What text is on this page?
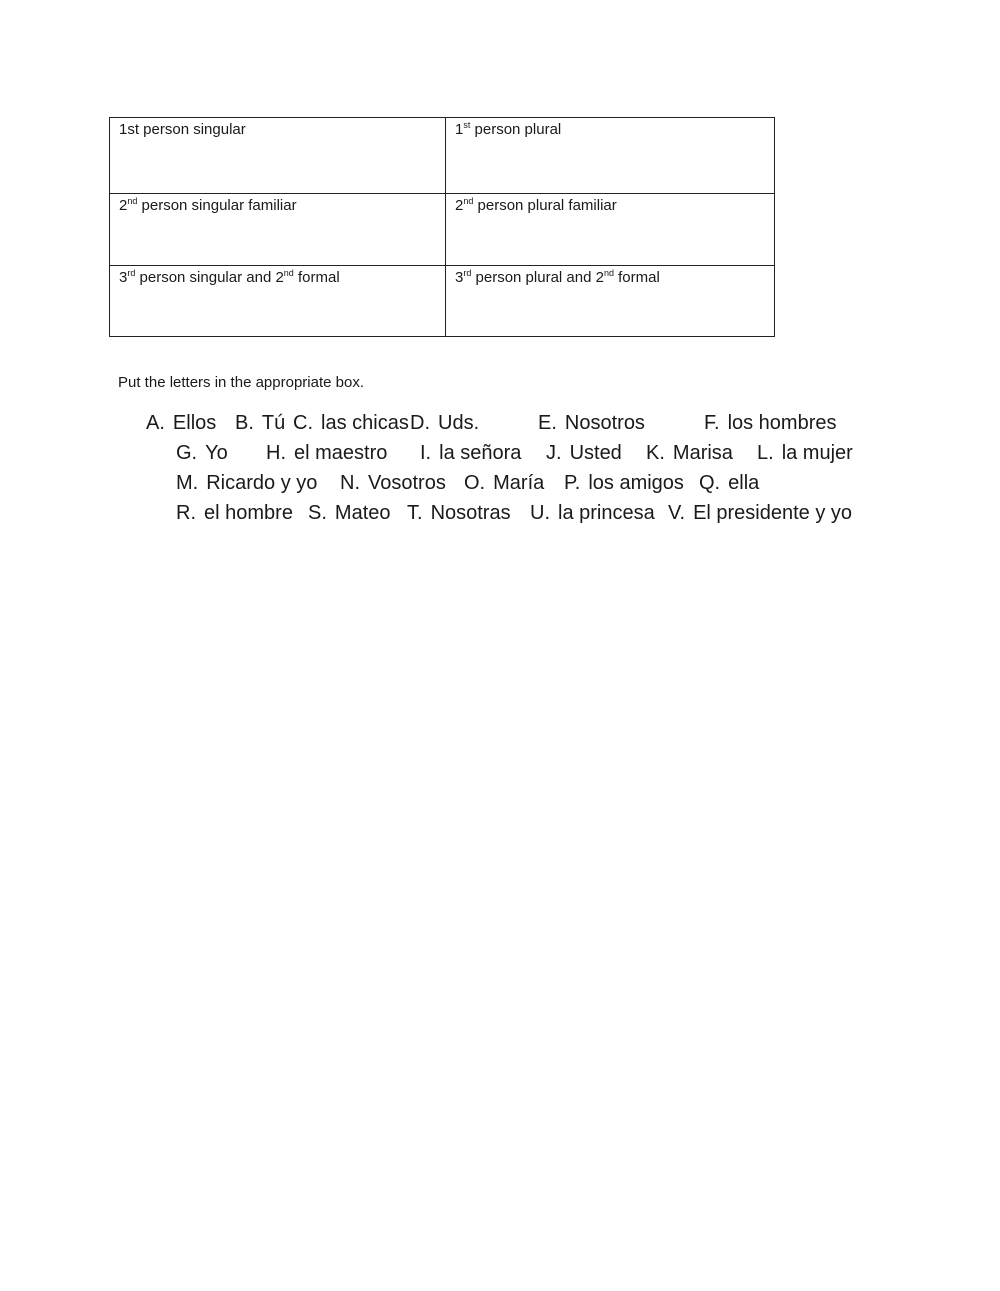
1st person singular	1st person plural
2nd person singular familiar	2nd person plural familiar
3rd person singular and 2nd formal	3rd person plural and 2nd formal
Put the letters in the appropriate box.
A. Ellos B. Tú C. las chicas D. Uds.	E. Nosotros	F. los hombres
G. Yo H. el maestro I. la señora J. Usted K. Marisa L. la mujer
M. Ricardo y yo N. Vosotros O. María P. los amigos Q. ella
R. el hombre S. Mateo T. Nosotras U. la princesa V. El presidente y yo
